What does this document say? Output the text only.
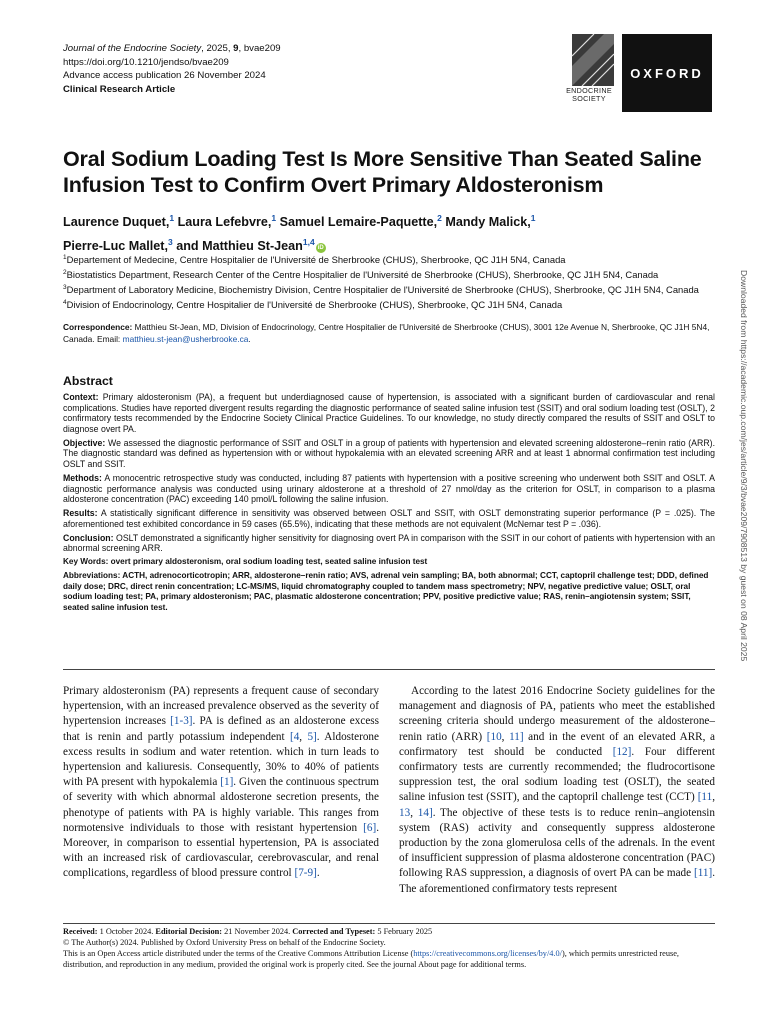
Journal of the Endocrine Society, 2025, 9, bvae209
https://doi.org/10.1210/jendso/bvae209
Advance access publication 26 November 2024
Clinical Research Article	ENDOCRINE
SOCIETY
OXFORD
Oral Sodium Loading Test Is More Sensitive Than Seated Saline Infusion Test to Confirm Overt Primary Aldosteronism
Laurence Duquet,$^1$ Laura Lefebvre,$^1$ Samuel Lemaire-Paquette,$^2$ Mandy Malick,$^1$
Pierre-Luc Mallet,$^3$ and Matthieu St-Jean$^{1,4}$iD
$^1$Departement of Medecine, Centre Hospitalier de l'Université de Sherbrooke (CHUS), Sherbrooke, QC J1H 5N4, Canada
$^2$Biostatistics Department, Research Center of the Centre Hospitalier de l'Université de Sherbrooke (CHUS), Sherbrooke, QC J1H 5N4, Canada
$^3$Department of Laboratory Medicine, Biochemistry Division, Centre Hospitalier de l'Université de Sherbrooke (CHUS), Sherbrooke, QC J1H 5N4, Canada
$^4$Division of Endocrinology, Centre Hospitalier de l'Université de Sherbrooke (CHUS), Sherbrooke, QC J1H 5N4, Canada
Correspondence: Matthieu St-Jean, MD, Division of Endocrinology, Centre Hospitalier de l'Université de Sherbrooke (CHUS), 3001 12e Avenue N, Sherbrooke, QC J1H 5N4, Canada. Email: matthieu.st-jean@usherbrooke.ca.
Abstract

Context: Primary aldosteronism (PA), a frequent but underdiagnosed cause of hypertension, is associated with a significant burden of cardiovascular and renal complications. Studies have reported divergent results regarding the diagnostic performance of seated saline infusion test (SSIT) and oral sodium loading test (OSLT), 2 confirmatory tests recommended by the Endocrine Society Clinical Practice Guidelines. To our knowledge, no study directly compared the results of SSIT and OSLT to diagnose overt PA.

Objective: We assessed the diagnostic performance of SSIT and OSLT in a group of patients with hypertension and elevated screening aldosterone–renin ratio (ARR). The diagnostic standard was defined as hypertension with or without hypokalemia with an elevated screening ARR and at least 1 abnormal confirmation test including OSLT and SSIT.

Methods: A monocentric retrospective study was conducted, including 87 patients with hypertension with a positive screening who underwent both SSIT and OSLT. A diagnostic performance analysis was conducted using urinary aldosterone at a threshold of 27 nmol/day as the criterion for OSLT, in comparison to a plasma aldosterone concentration (PAC) exceeding 140 pmol/L following the saline infusion.

Results: A statistically significant difference in sensitivity was observed between OSLT and SSIT, with OSLT demonstrating superior performance (P = .025). The aforementioned test exhibited concordance in 59 cases (65.5%), indicating that these methods are not equivalent (McNemar test P = .036).

Conclusion: OSLT demonstrated a significantly higher sensitivity for diagnosing overt PA in comparison with the SSIT in our cohort of patients with hypertension with an abnormal screening ARR.

Key Words: overt primary aldosteronism, oral sodium loading test, seated saline infusion test

Abbreviations: ACTH, adrenocorticotropin; ARR, aldosterone–renin ratio; AVS, adrenal vein sampling; BA, both abnormal; CCT, captopril challenge test; DDD, defined daily dose; DRC, direct renin concentration; LC-MS/MS, liquid chromatography coupled to tandem mass spectrometry; NPV, negative predictive value; OSLT, oral sodium loading test; PA, primary aldosteronism; PAC, plasmatic aldosterone concentration; PPV, positive predictive value; RAS, renin–angiotensin system; SSIT, seated saline infusion test.

Primary aldosteronism (PA) represents a frequent cause of secondary hypertension, with an increased prevalence observed as the severity of hypertension increases [1-3]. PA is defined as an aldosterone excess that is renin and partly potassium independent [4, 5]. Aldosterone excess results in sodium and water retention. which in turn leads to hypertension and kaliuresis. Consequently, 30% to 40% of patients with PA present with hypokalemia [1]. Given the continuous spectrum of severity with which abnormal aldosterone secretion presents, the phenotype of patients with PA is highly variable. This ranges from normotensive individuals to those with resistant hypertension [6]. Moreover, in comparison to essential hypertension, PA is associated with an increased risk of cardiovascular, cerebrovascular, and renal complications, regardless of blood pressure control [7-9].
According to the latest 2016 Endocrine Society guidelines for the management and diagnosis of PA, patients who meet the established screening criteria should undergo measurement of the aldosterone–renin ratio (ARR) [10, 11] and in the event of an elevated ARR, a confirmatory test should be conducted [12]. Four different confirmatory tests are currently recommended; the fludrocortisone suppression test, the oral sodium loading test (OSLT), the seated saline infusion test (SSIT), and the captopril challenge test (CCT) [11, 13, 14]. The objective of these tests is to reduce renin–angiotensin system (RAS) activity and consequently suppress aldosterone production by the zona glomerulosa cells of the adrenals. In the event of insufficient suppression of plasma aldosterone concentration (PAC) following RAS suppression, a diagnosis of overt PA can be made [11]. The aforementioned confirmatory tests represent
Received: 1 October 2024. Editorial Decision: 21 November 2024. Corrected and Typeset: 5 February 2025
© The Author(s) 2024. Published by Oxford University Press on behalf of the Endocrine Society.
This is an Open Access article distributed under the terms of the Creative Commons Attribution License (https://creativecommons.org/licenses/by/4.0/), which permits unrestricted reuse, distribution, and reproduction in any medium, provided the original work is properly cited. See the journal About page for additional terms.
Downloaded from https://academic.oup.com/jes/article/9/3/bvae209/7908513 by guest on 08 April 2025
